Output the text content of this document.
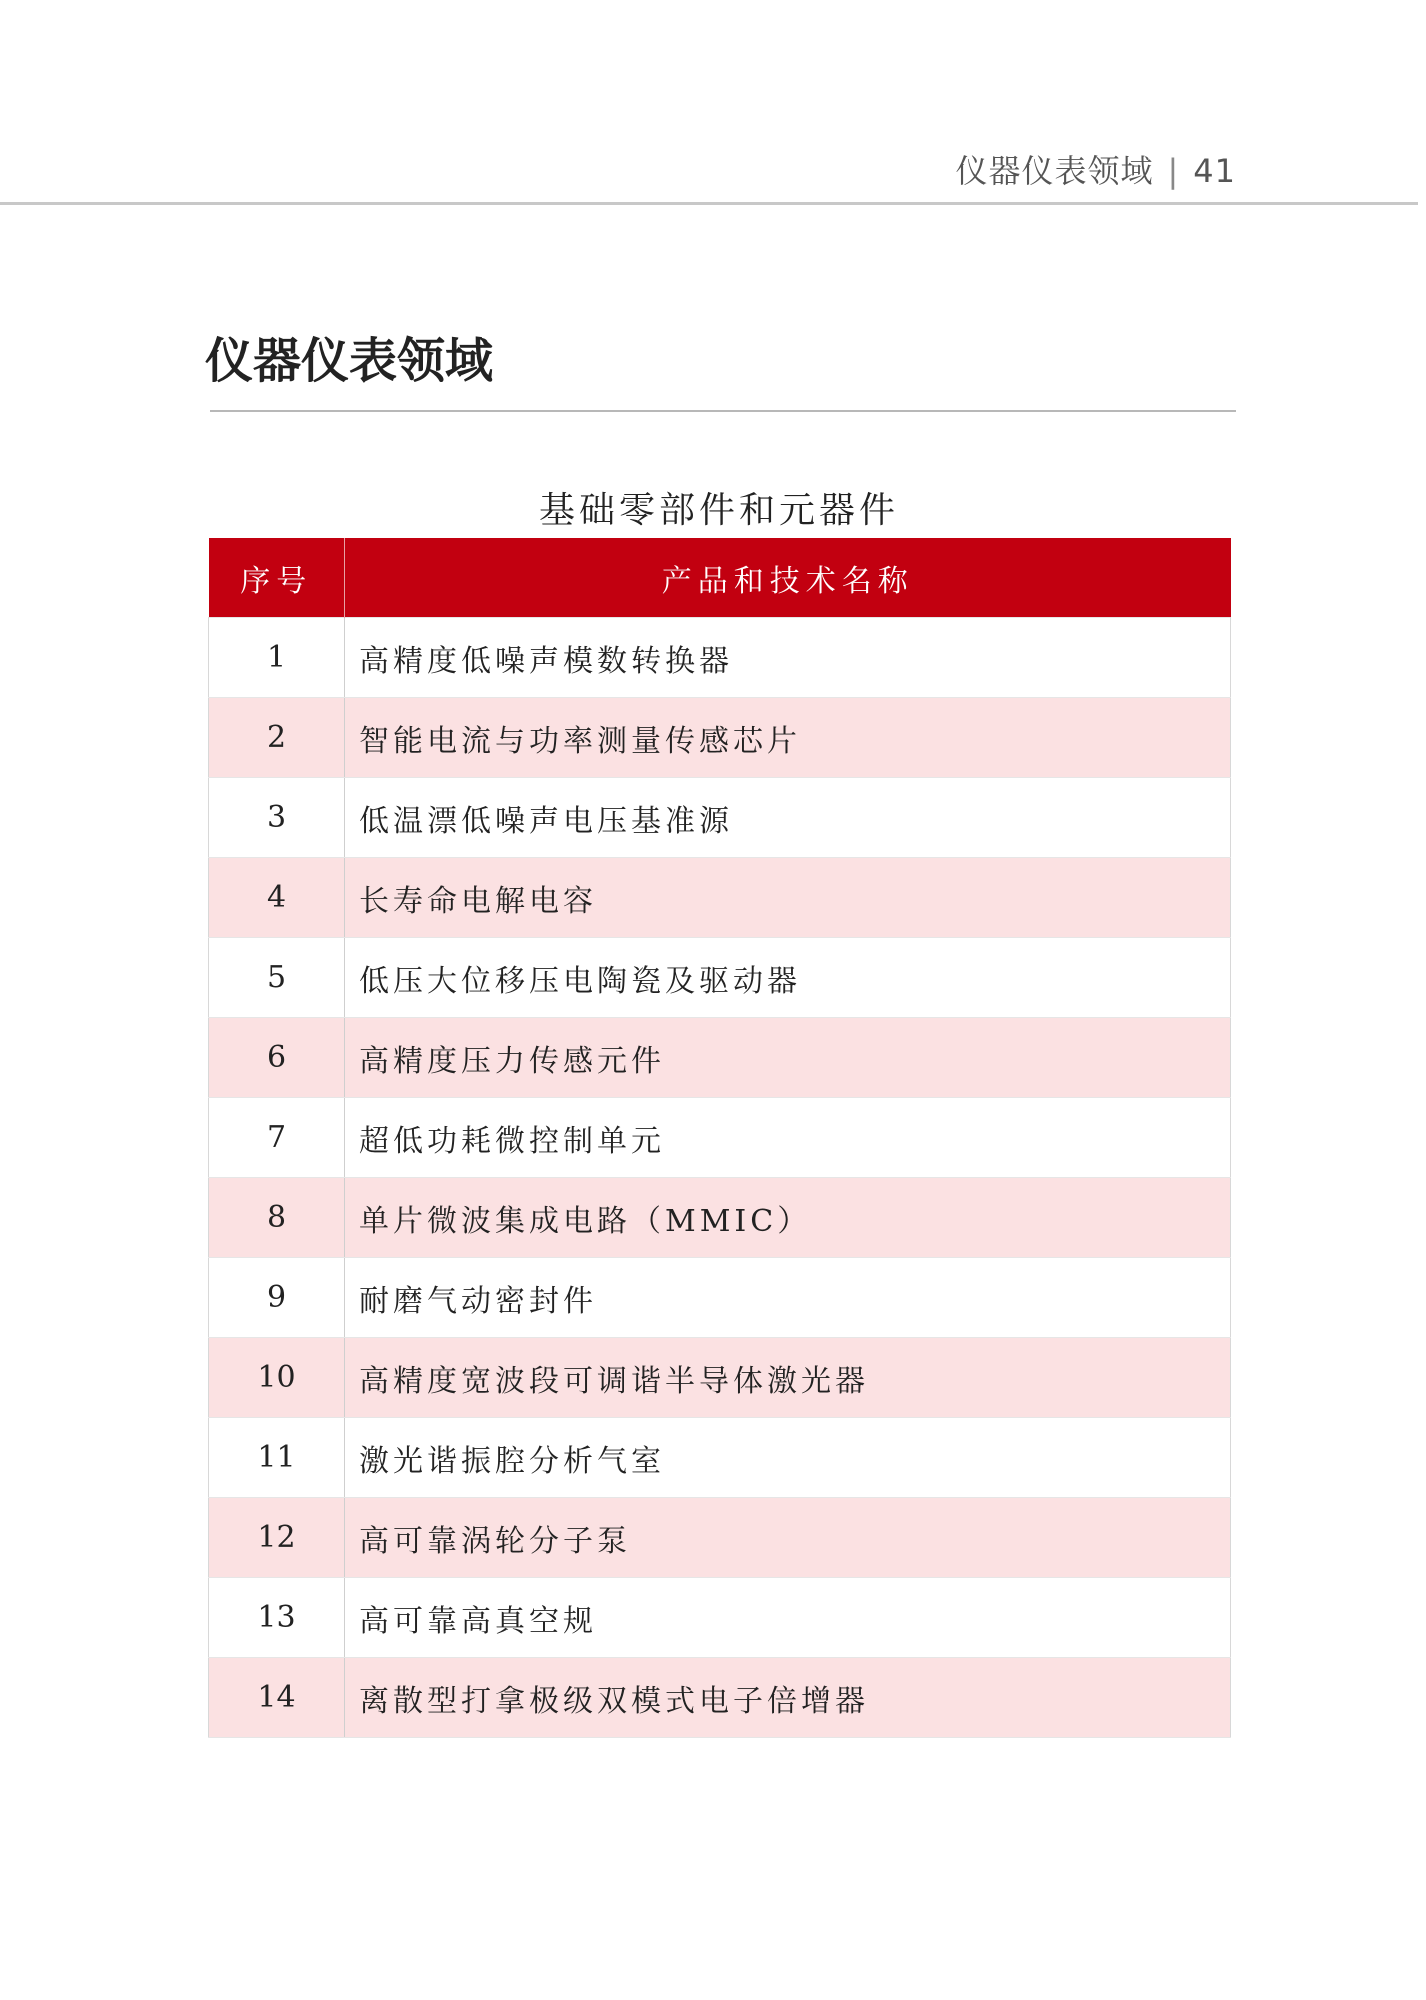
仪器仪表领域 | 41
仪器仪表领域
基础零部件和元器件
序号	产品和技术名称
1	高精度低噪声模数转换器
2	智能电流与功率测量传感芯片
3	低温漂低噪声电压基准源
4	长寿命电解电容
5	低压大位移压电陶瓷及驱动器
6	高精度压力传感元件
7	超低功耗微控制单元
8	单片微波集成电路（MMIC）
9	耐磨气动密封件
10	高精度宽波段可调谐半导体激光器
11	激光谐振腔分析气室
12	高可靠涡轮分子泵
13	高可靠高真空规
14	离散型打拿极级双模式电子倍增器
